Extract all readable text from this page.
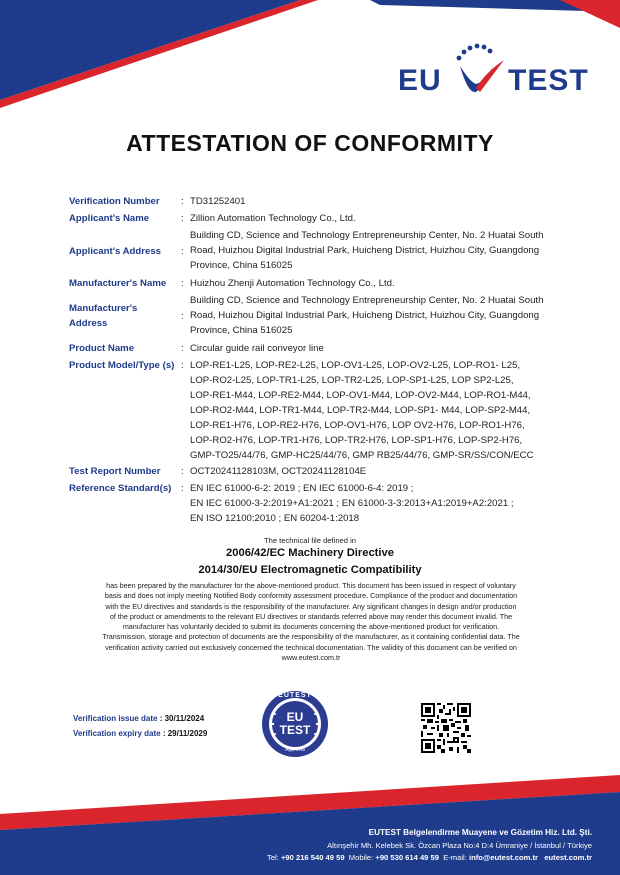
EU TEST
ATTESTATION OF CONFORMITY
Verification Number	: TD31252401
Applicant's Name	: Zillion Automation Technology Co., Ltd.
Applicant's Address	:
Building CD, Science and Technology Entrepreneurship Center, No. 2 Huatai South
Road, Huizhou Digital Industrial Park, Huicheng District, Huizhou City, Guangdong
Province, China 516025
Manufacturer's Name	: Huizhou Zhenji Automation Technology Co., Ltd.
Manufacturer's Address
:
Building CD, Science and Technology Entrepreneurship Center, No. 2 Huatai South
Road, Huizhou Digital Industrial Park, Huicheng District, Huizhou City, Guangdong
Province, China 516025
Product Name	: Circular guide rail conveyor line
Product Model/Type (s) : LOP-RE1-L25, LOP-RE2-L25, LOP-OV1-L25, LOP-OV2-L25, LOP-RO1- L25,
LOP-RO2-L25, LOP-TR1-L25, LOP-TR2-L25, LOP-SP1-L25, LOP SP2-L25,
LOP-RE1-M44, LOP-RE2-M44, LOP-OV1-M44, LOP-OV2-M44, LOP-RO1-M44,
LOP-RO2-M44, LOP-TR1-M44, LOP-TR2-M44, LOP-SP1- M44, LOP-SP2-M44,
LOP-RE1-H76, LOP-RE2-H76, LOP-OV1-H76, LOP OV2-H76, LOP-RO1-H76,
LOP-RO2-H76, LOP-TR1-H76, LOP-TR2-H76, LOP-SP1-H76, LOP-SP2-H76,
GMP-TO25/44/76, GMP-HC25/44/76, GMP RB25/44/76, GMP-SR/SS/CON/ECC
Test Report Number	: OCT20241128103M, OCT20241128104E
Reference Standard(s)	: EN IEC 61000-6-2: 2019 ; EN IEC 61000-6-4: 2019 ;
EN IEC 61000-3-2:2019+A1:2021 ; EN 61000-3-3:2013+A1:2019+A2:2021 ;
EN ISO 12100:2010 ; EN 60204-1:2018
The technical file defined in
2006/42/EC Machinery Directive
2014/30/EU Electromagnetic Compatibility
has been prepared by the manufacturer for the above-mentioned product. This document has been issued in respect of voluntary
basis and does not imply meeting Notified Body conformity assessment procedure. Compliance of the product and documentation
with the EU directives and standards is the responsibility of the manufacturer. Any significant changes in design and/or production
of the product or amendments to the relevant EU directives or standards referred above may render this document invalid. The
manufacturer has voluntarily decided to submit its documents concerning the above-mentioned product for verification.
Transmission, storage and protection of documents are the responsibility of the manufacturer, as it containing confidential data. The
verification activity carried out exclusively concerned the technical documentation. The validity of this document can be verified on
www.eutest.com.tr
Verification issue date : 30/11/2024
Verification expiry date : 29/11/2029
EUTEST
EU
TEST
Approval
EUTEST Belgelendirme Muayene ve Gözetim Hiz. Ltd. Şti.
Altınşehir Mh. Kelebek Sk. Özcan Plaza No:4 D:4 Ümraniye / İstanbul / Türkiye
Tel: +90 216 540 49 59 Mobile: +90 530 614 49 59 E-mail: info@eutest.com.tr eutest.com.tr
